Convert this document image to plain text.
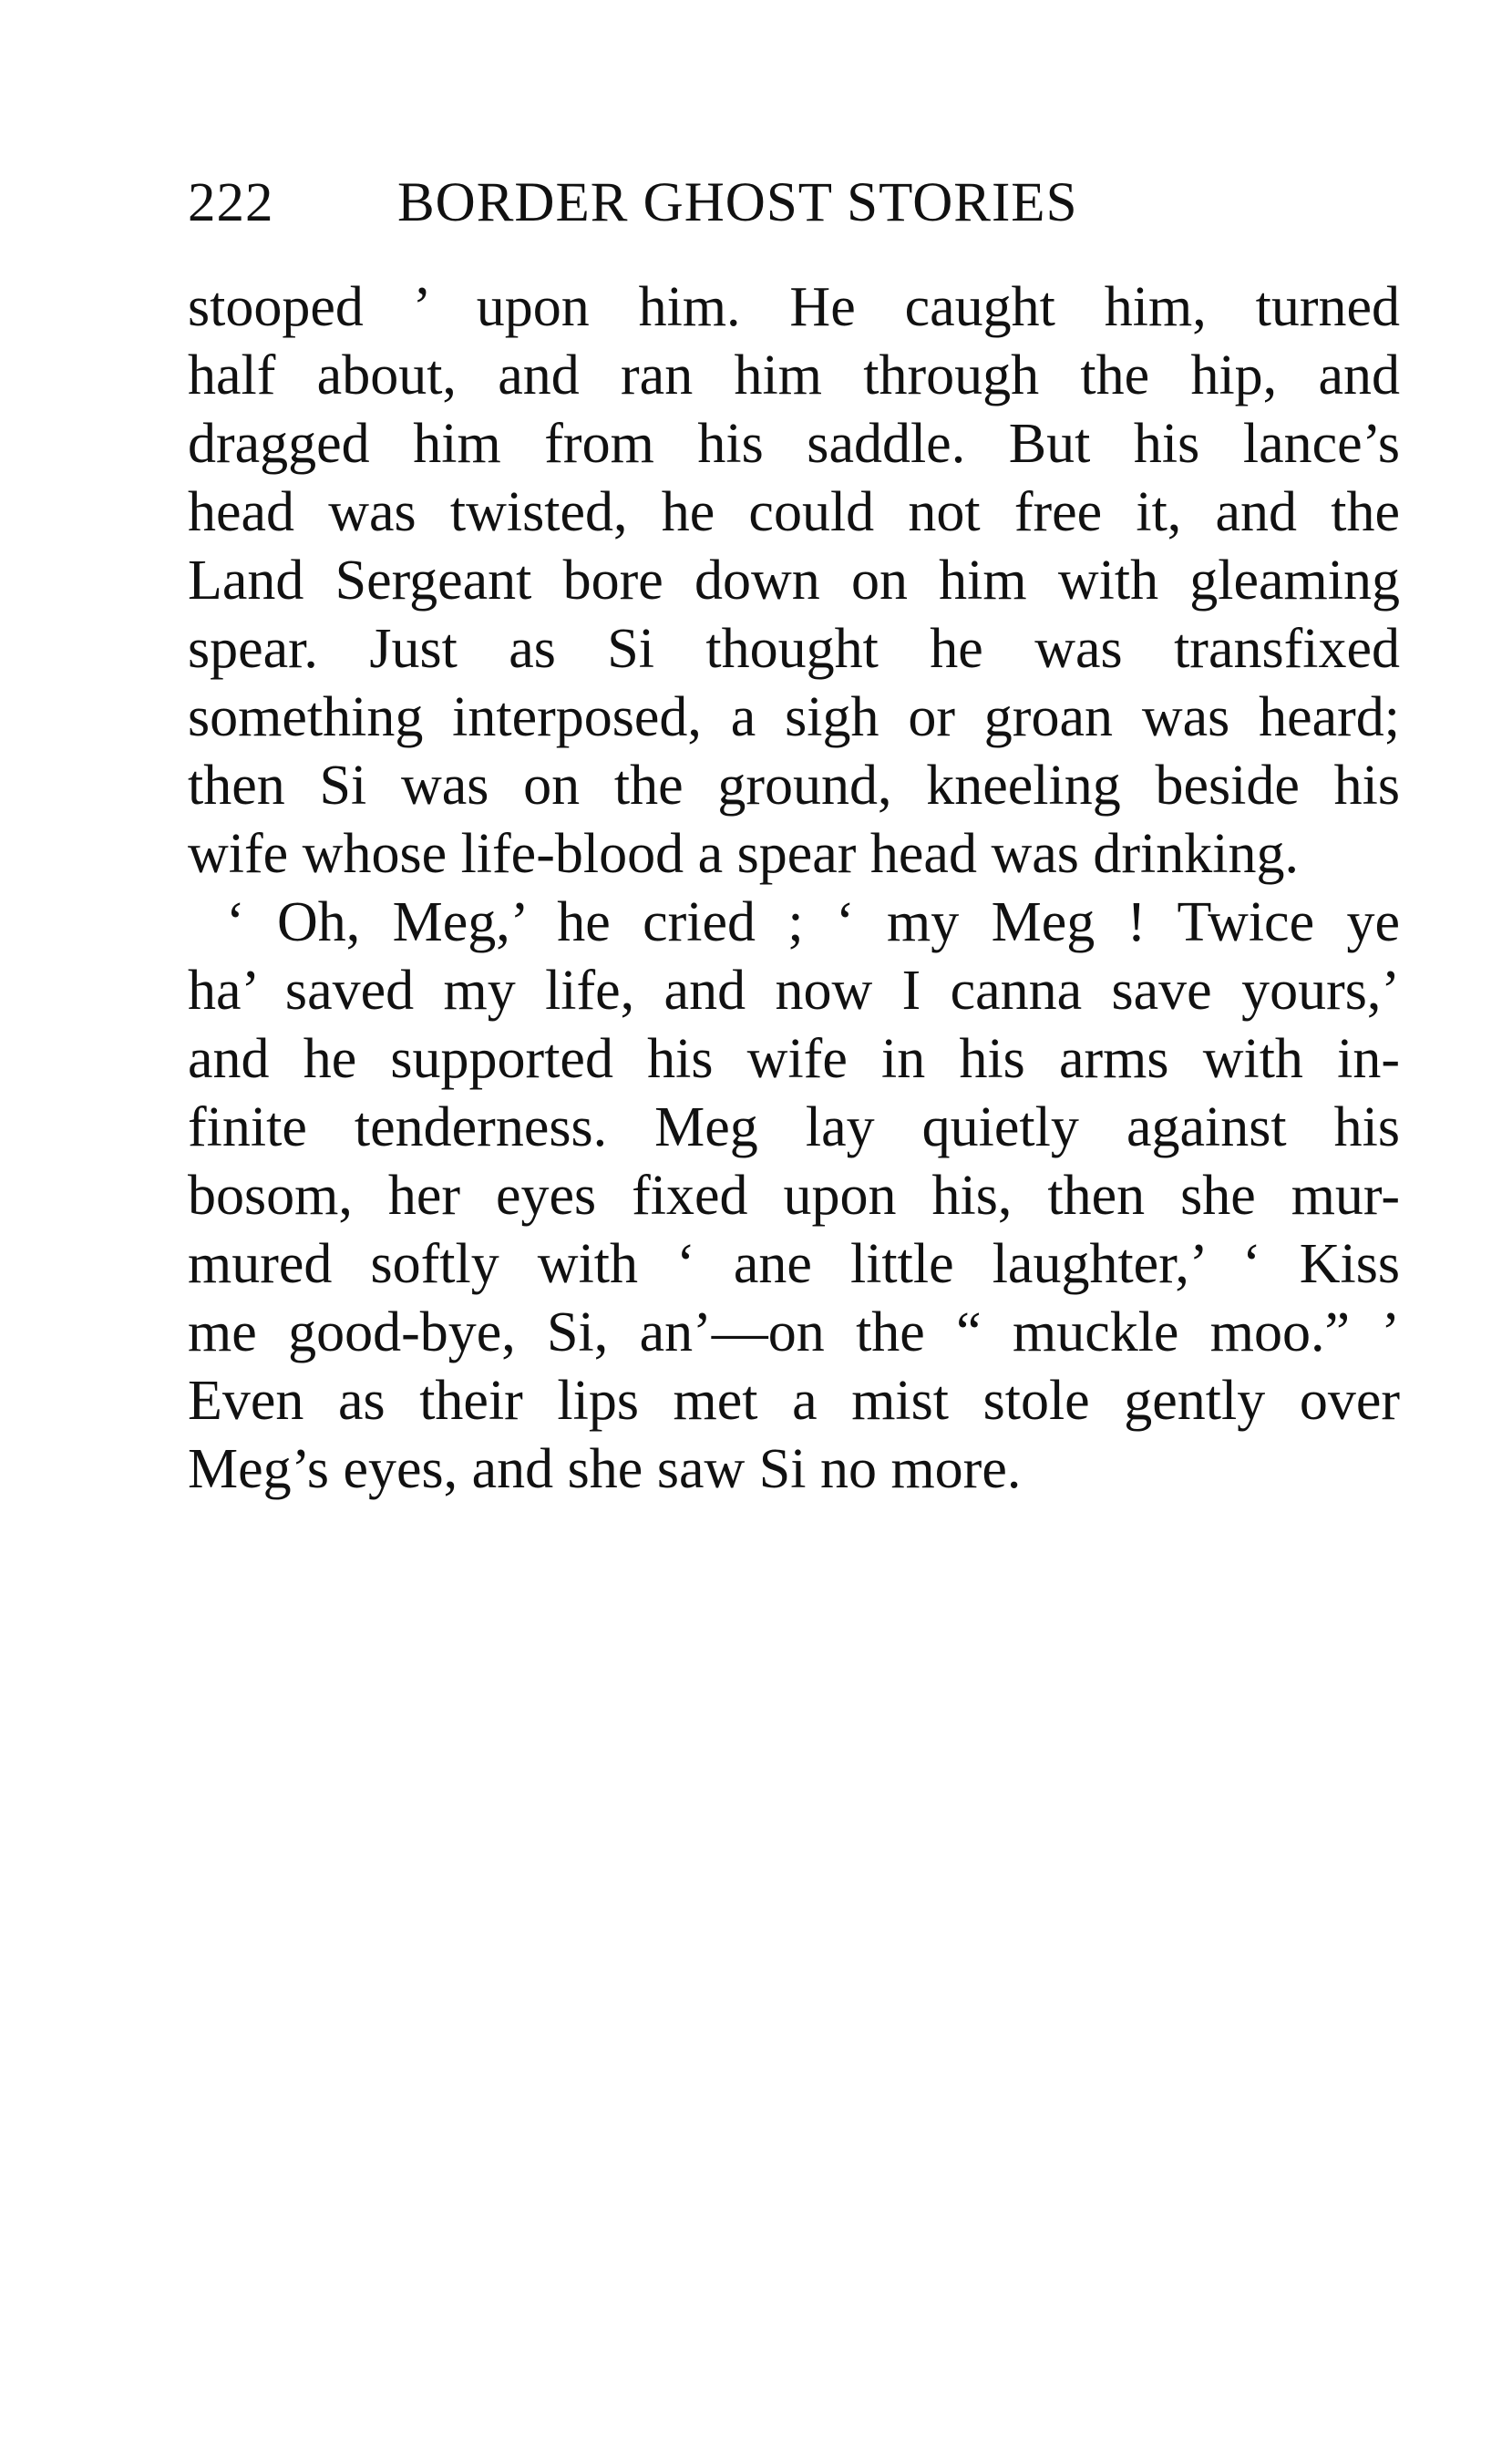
222 BORDER GHOST STORIES
stooped ’ upon him. He caught him, turned
half about, and ran him through the hip, and
dragged him from his saddle. But his lance’s
head was twisted, he could not free it, and the
Land Sergeant bore down on him with gleaming
spear. Just as Si thought he was transfixed
something interposed, a sigh or groan was heard;
then Si was on the ground, kneeling beside his
wife whose life-blood a spear head was drinking.
‘ Oh, Meg,’ he cried ; ‘ my Meg ! Twice ye
ha’ saved my life, and now I canna save yours,’
and he supported his wife in his arms with in-
finite tenderness. Meg lay quietly against his
bosom, her eyes fixed upon his, then she mur-
mured softly with ‘ ane little laughter,’ ‘ Kiss
me good-bye, Si, an’—on the “ muckle moo.” ’
Even as their lips met a mist stole gently over
Meg’s eyes, and she saw Si no more.
